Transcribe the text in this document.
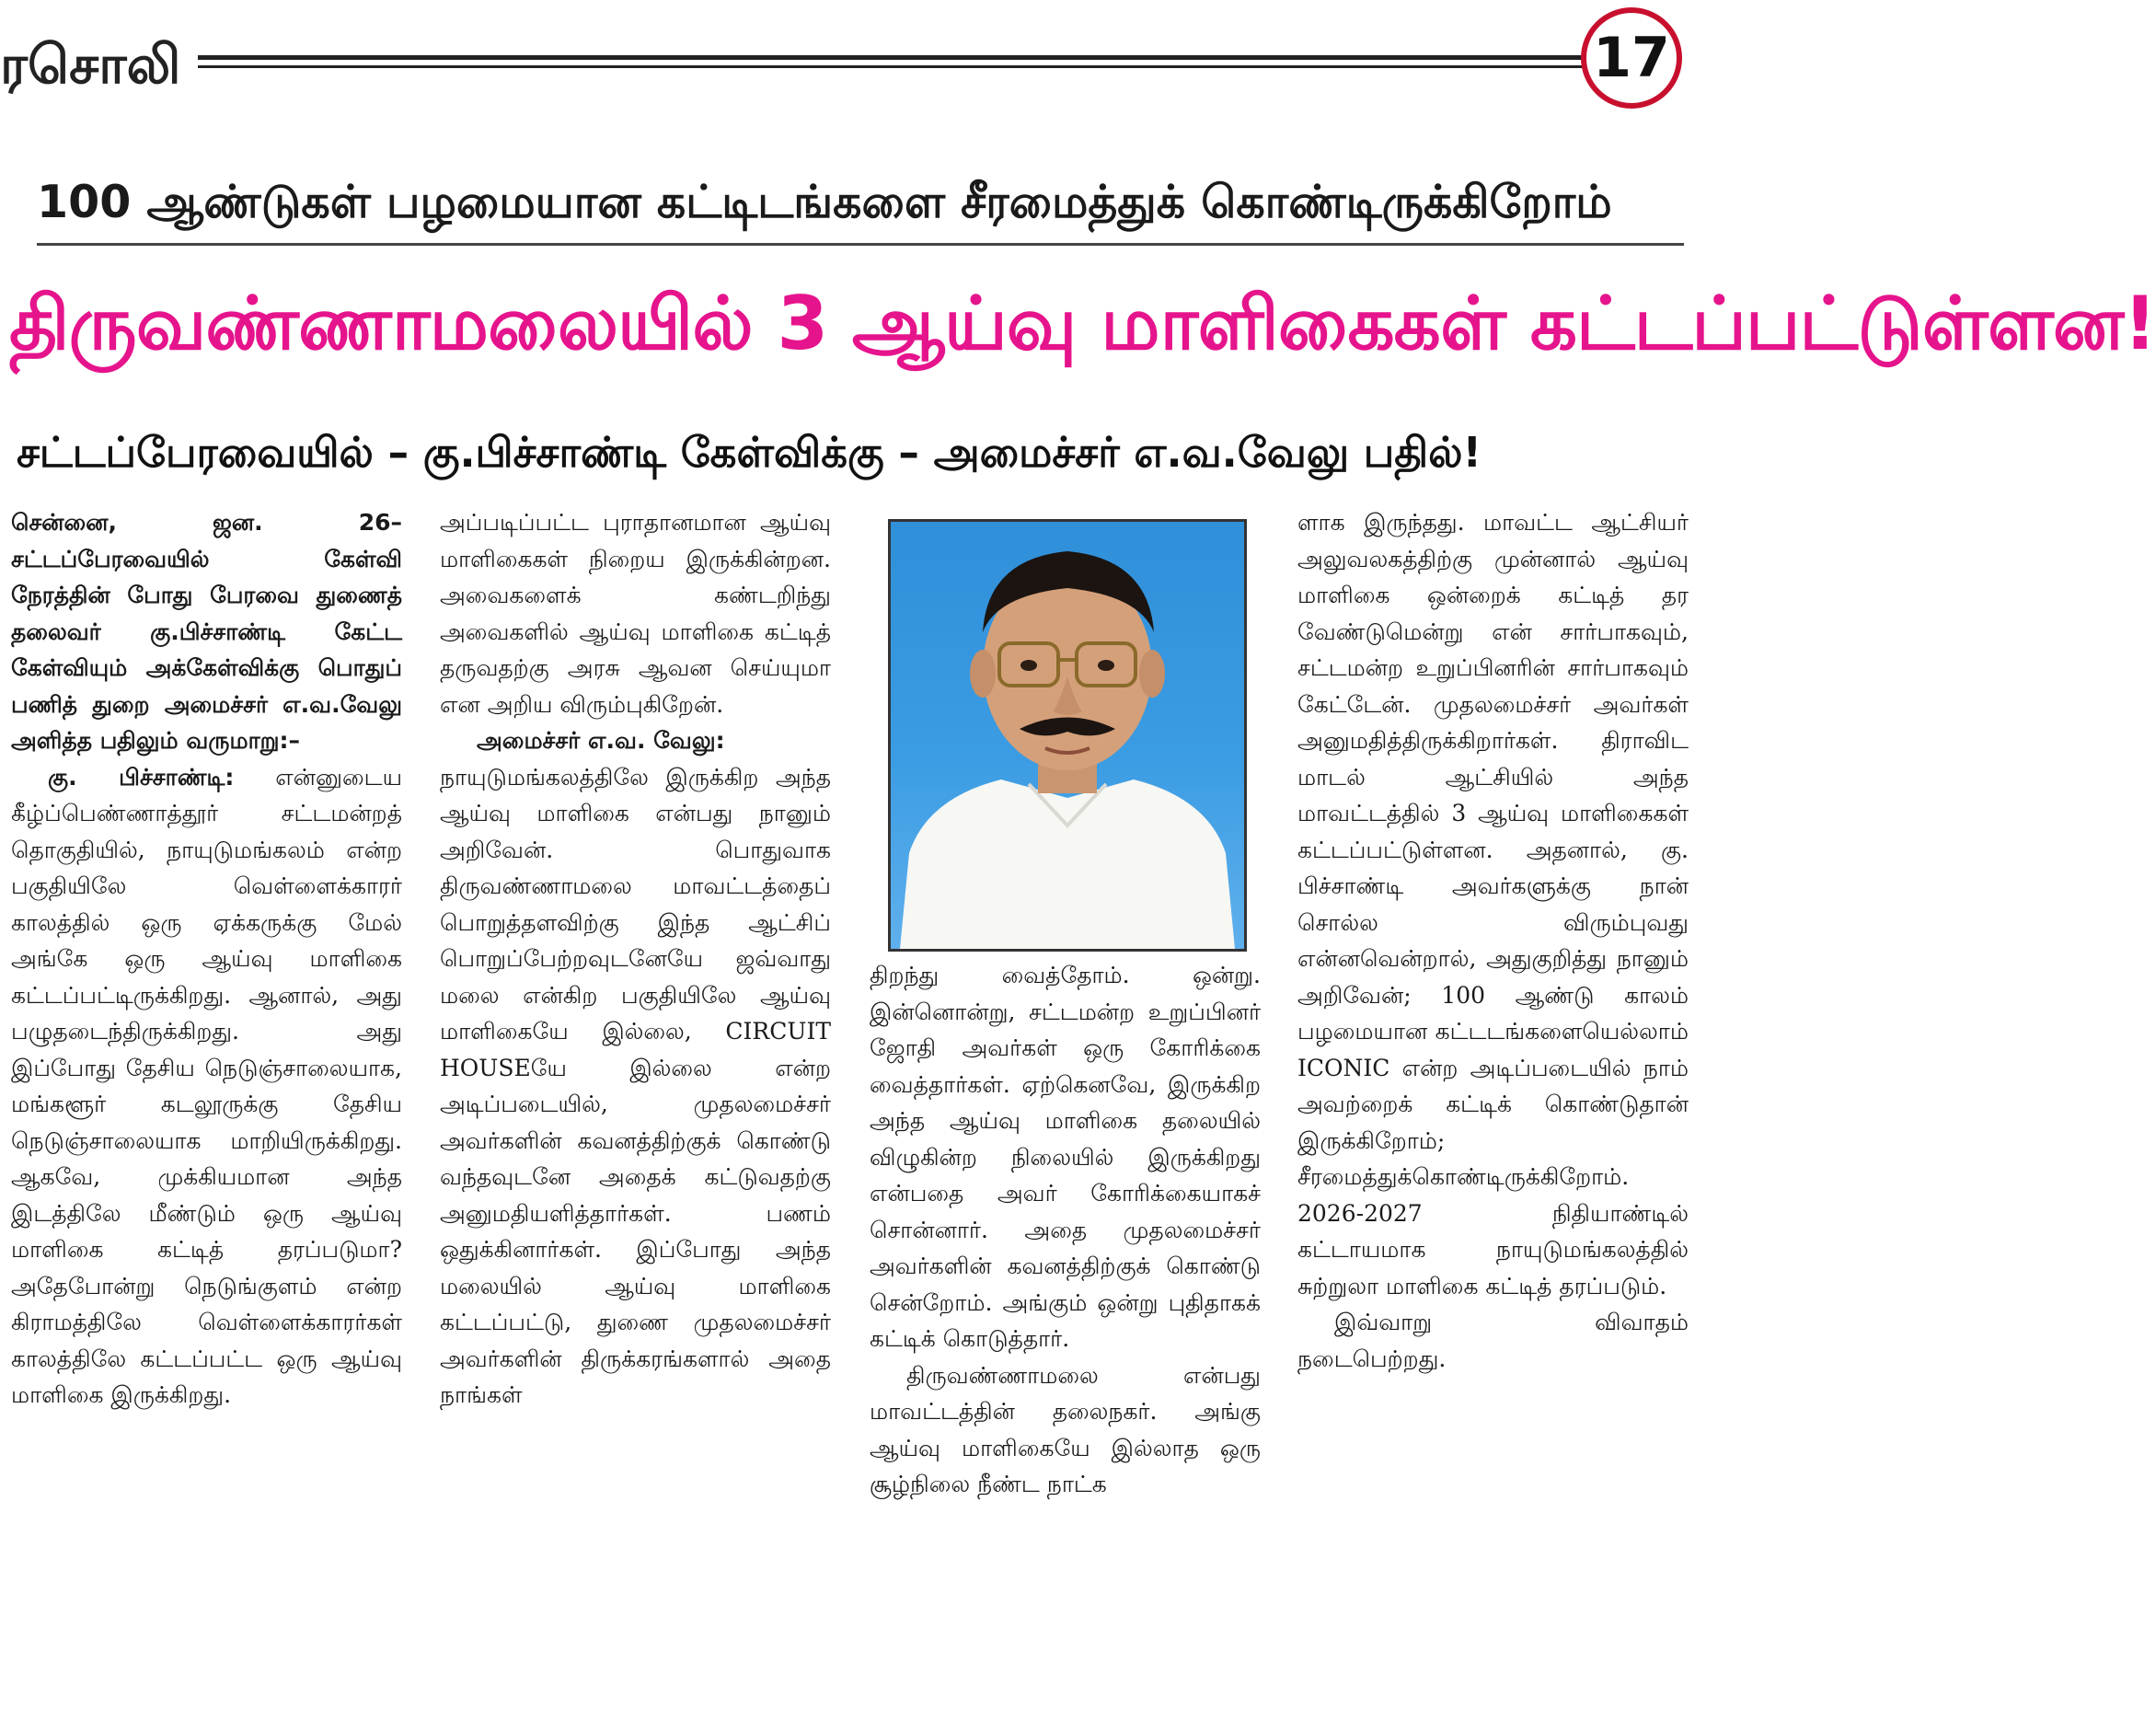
ரசொலி	17
100 ஆண்டுகள் பழமையான கட்டிடங்களை சீரமைத்துக் கொண்டிருக்கிறோம்
திருவண்ணாமலையில் 3 ஆய்வு மாளிகைகள் கட்டப்பட்டுள்ளன!
சட்டப்பேரவையில் – கு.பிச்சாண்டி கேள்விக்கு – அமைச்சர் எ.வ.வேலு பதில்!

சென்னை, ஜன. 26– சட்டப்பேரவையில் கேள்வி நேரத்தின் போது பேரவை துணைத் தலைவர் கு.பிச்சாண்டி கேட்ட கேள்வியும் அக்கேள்விக்கு பொதுப் பணித் துறை அமைச்சர் எ.வ.வேலு அளித்த பதிலும் வருமாறு:–

கு. பிச்சாண்டி: என்னுடைய கீழ்ப்பெண்ணாத்தூர் சட்டமன்றத் தொகுதியில், நாயுடுமங்கலம் என்ற பகுதியிலே வெள்ளைக்காரர் காலத்தில் ஒரு ஏக்கருக்கு மேல் அங்கே ஒரு ஆய்வு மாளிகை கட்டப்பட்டிருக்கிறது. ஆனால், அது பழுதடைந்திருக்கிறது. அது இப்போது தேசிய நெடுஞ்சாலையாக, மங்களூர் கடலூருக்கு தேசிய நெடுஞ்சாலையாக மாறியிருக்கிறது. ஆகவே, முக்கியமான அந்த இடத்திலே மீண்டும் ஒரு ஆய்வு மாளிகை கட்டித் தரப்படுமா? அதேபோன்று நெடுங்குளம் என்ற கிராமத்திலே வெள்ளைக்காரர்கள் காலத்திலே கட்டப்பட்ட ஒரு ஆய்வு மாளிகை இருக்கிறது.

அப்படிப்பட்ட புராதானமான ஆய்வு மாளிகைகள் நிறைய இருக்கின்றன. அவைகளைக் கண்டறிந்து அவைகளில் ஆய்வு மாளிகை கட்டித் தருவதற்கு அரசு ஆவன செய்யுமா என அறிய விரும்புகிறேன்.

அமைச்சர் எ.வ. வேலு:

நாயுடுமங்கலத்திலே இருக்கிற அந்த ஆய்வு மாளிகை என்பது நானும் அறிவேன். பொதுவாக திருவண்ணாமலை மாவட்டத்தைப் பொறுத்தளவிற்கு இந்த ஆட்சிப் பொறுப்பேற்றவுடனேயே ஜவ்வாது மலை என்கிற பகுதியிலே ஆய்வு மாளிகையே இல்லை, CIRCUIT HOUSEயே இல்லை என்ற அடிப்படையில், முதலமைச்சர் அவர்களின் கவனத்திற்குக் கொண்டு வந்தவுடனே அதைக் கட்டுவதற்கு அனுமதியளித்தார்கள். பணம் ஒதுக்கினார்கள். இப்போது அந்த மலையில் ஆய்வு மாளிகை கட்டப்பட்டு, துணை முதலமைச்சர் அவர்களின் திருக்கரங்களால் அதை நாங்கள்

திறந்து வைத்தோம். ஒன்று. இன்னொன்று, சட்டமன்ற உறுப்பினர் ஜோதி அவர்கள் ஒரு கோரிக்கை வைத்தார்கள். ஏற்கெனவே, இருக்கிற அந்த ஆய்வு மாளிகை தலையில் விழுகின்ற நிலையில் இருக்கிறது என்பதை அவர் கோரிக்கையாகச் சொன்னார். அதை முதலமைச்சர் அவர்களின் கவனத்திற்குக் கொண்டு சென்றோம். அங்கும் ஒன்று புதிதாகக் கட்டிக் கொடுத்தார்.

திருவண்ணாமலை என்பது மாவட்டத்தின் தலைநகர். அங்கு ஆய்வு மாளிகையே இல்லாத ஒரு சூழ்நிலை நீண்ட நாட்க

ளாக இருந்தது. மாவட்ட ஆட்சியர் அலுவலகத்திற்கு முன்னால் ஆய்வு மாளிகை ஒன்றைக் கட்டித் தர வேண்டுமென்று என் சார்பாகவும், சட்டமன்ற உறுப்பினரின் சார்பாகவும் கேட்டேன். முதலமைச்சர் அவர்கள் அனுமதித்திருக்கிறார்கள். திராவிட மாடல் ஆட்சியில் அந்த மாவட்டத்தில் 3 ஆய்வு மாளிகைகள் கட்டப்பட்டுள்ளன. அதனால், கு. பிச்சாண்டி அவர்களுக்கு நான் சொல்ல விரும்புவது என்னவென்றால், அதுகுறித்து நானும் அறிவேன்; 100 ஆண்டு காலம் பழமையான கட்டடங்களையெல்லாம் ICONIC என்ற அடிப்படையில் நாம் அவற்றைக் கட்டிக் கொண்டுதான் இருக்கிறோம்; சீரமைத்துக்கொண்டிருக்கிறோம். 2026-2027 நிதியாண்டில் கட்டாயமாக நாயுடுமங்கலத்தில் சுற்றுலா மாளிகை கட்டித் தரப்படும்.

இவ்வாறு விவாதம் நடைபெற்றது.
